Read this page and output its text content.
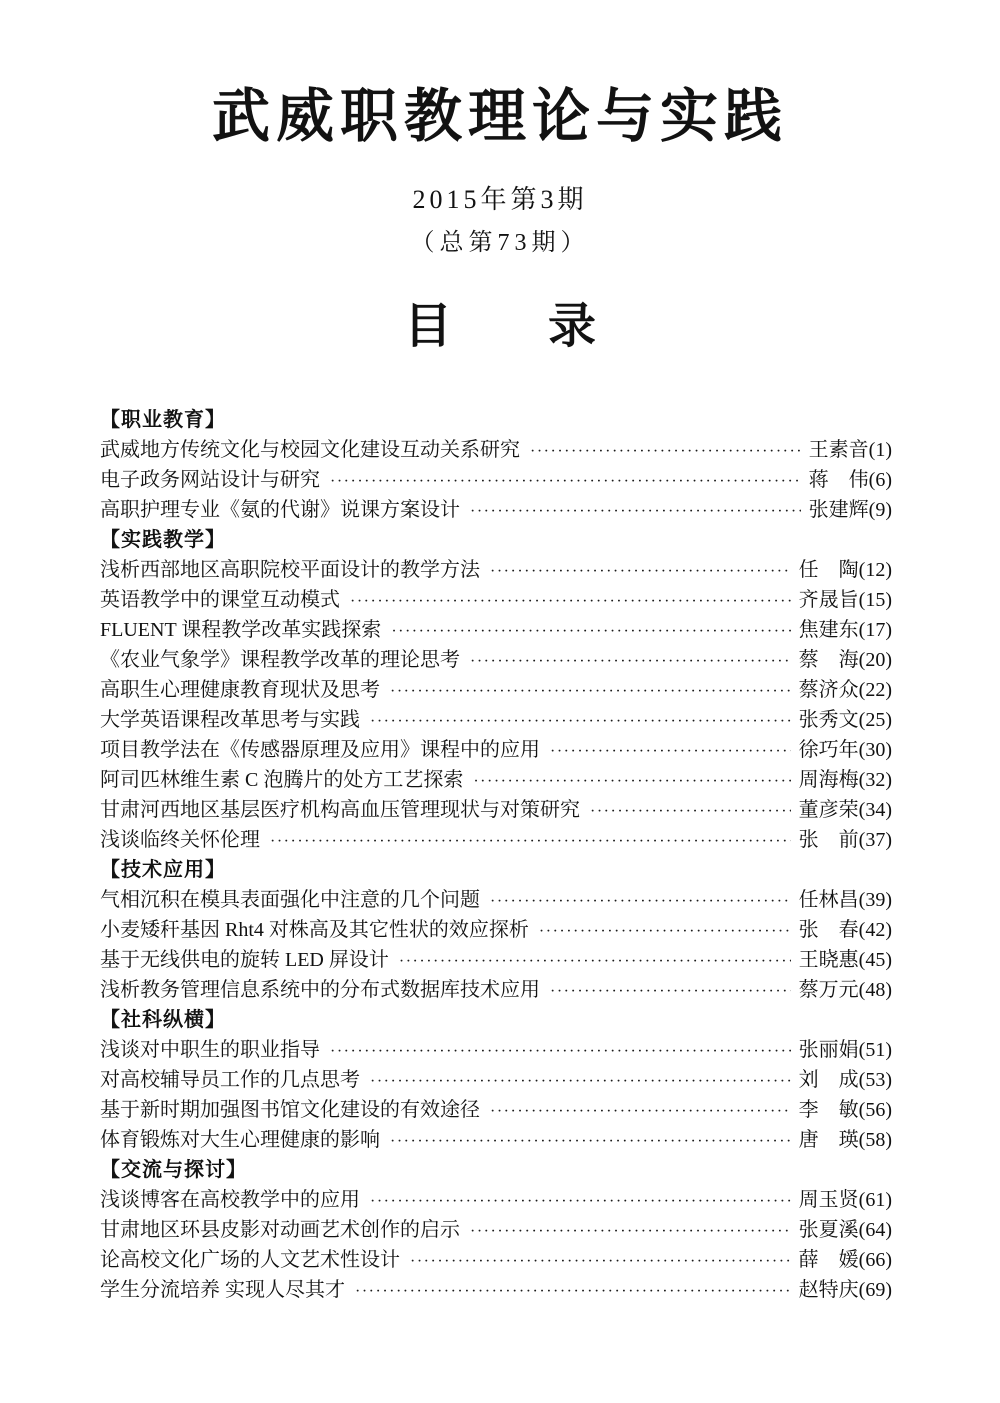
武威职教理论与实践
2015年第3期
（总第73期）
目　　录
【职业教育】
武威地方传统文化与校园文化建设互动关系研究 ·····	王素音(1)
电子政务网站设计与研究 ·····	蒋　伟(6)
高职护理专业《氨的代谢》说课方案设计 ·····	张建辉(9)
【实践教学】
浅析西部地区高职院校平面设计的教学方法 ·····	任　陶(12)
英语教学中的课堂互动模式 ·····	齐晟旨(15)
FLUENT 课程教学改革实践探索 ·····	焦建东(17)
《农业气象学》课程教学改革的理论思考 ·····	蔡　海(20)
高职生心理健康教育现状及思考 ·····	蔡济众(22)
大学英语课程改革思考与实践 ·····	张秀文(25)
项目教学法在《传感器原理及应用》课程中的应用 ·····	徐巧年(30)
阿司匹林维生素 C 泡腾片的处方工艺探索 ·····	周海梅(32)
甘肃河西地区基层医疗机构高血压管理现状与对策研究 ·····	董彦荣(34)
浅谈临终关怀伦理 ·····	张　前(37)
【技术应用】
气相沉积在模具表面强化中注意的几个问题 ·····	任林昌(39)
小麦矮秆基因 Rht4 对株高及其它性状的效应探析 ·····	张　春(42)
基于无线供电的旋转 LED 屏设计 ·····	王晓惠(45)
浅析教务管理信息系统中的分布式数据库技术应用 ·····	蔡万元(48)
【社科纵横】
浅谈对中职生的职业指导 ·····	张丽娟(51)
对高校辅导员工作的几点思考 ·····	刘　成(53)
基于新时期加强图书馆文化建设的有效途径 ·····	李　敏(56)
体育锻炼对大生心理健康的影响 ·····	唐　瑛(58)
【交流与探讨】
浅谈博客在高校教学中的应用 ·····	周玉贤(61)
甘肃地区环县皮影对动画艺术创作的启示 ·····	张夏溪(64)
论高校文化广场的人文艺术性设计 ·····	薛　媛(66)
学生分流培养 实现人尽其才 ·····	赵特庆(69)
